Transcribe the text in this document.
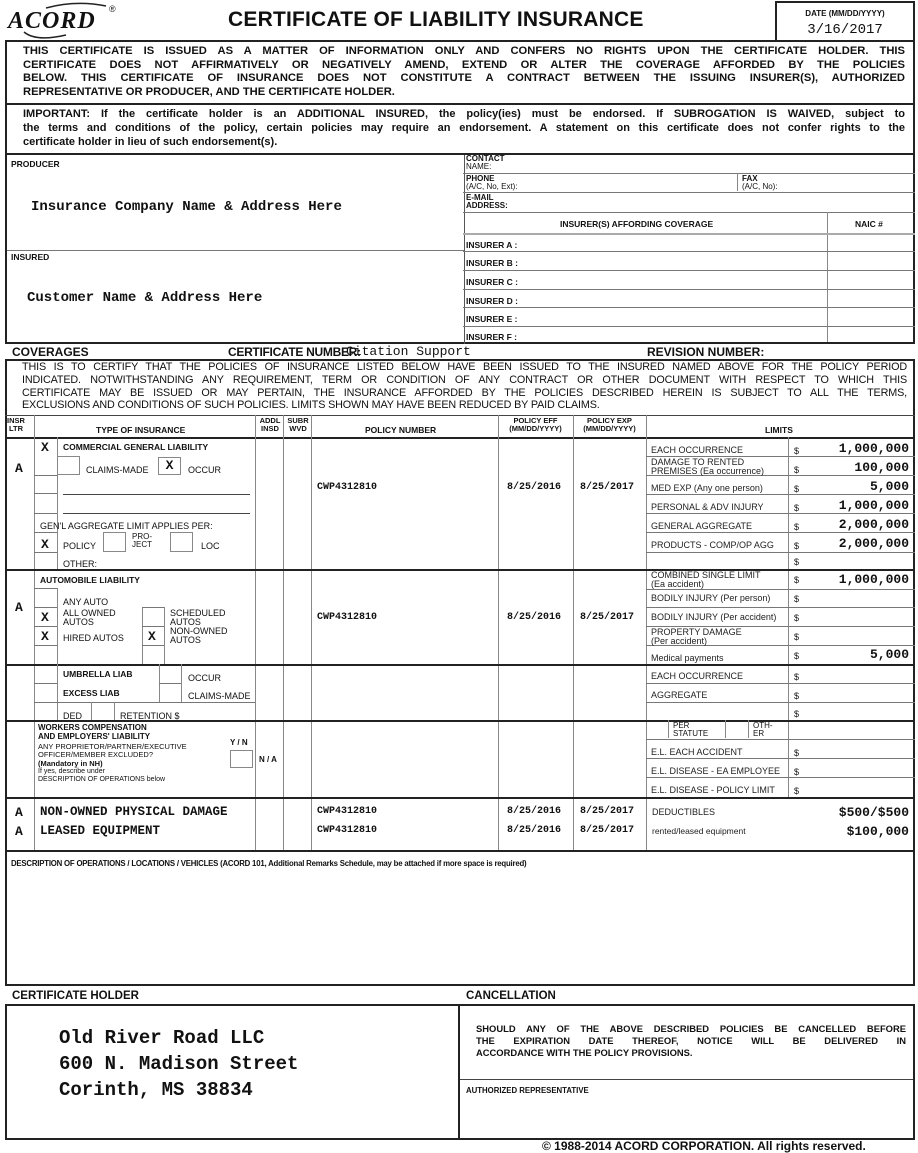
ACORD ®	CERTIFICATE OF LIABILITY INSURANCE	DATE (MM/DD/YYYY)
3/16/2017
THIS CERTIFICATE IS ISSUED AS A MATTER OF INFORMATION ONLY AND CONFERS NO RIGHTS UPON THE CERTIFICATE HOLDER. THIS
CERTIFICATE DOES NOT AFFIRMATIVELY OR NEGATIVELY AMEND, EXTEND OR ALTER THE COVERAGE AFFORDED BY THE POLICIES
BELOW. THIS CERTIFICATE OF INSURANCE DOES NOT CONSTITUTE A CONTRACT BETWEEN THE ISSUING INSURER(S), AUTHORIZED
REPRESENTATIVE OR PRODUCER, AND THE CERTIFICATE HOLDER.
IMPORTANT: If the certificate holder is an ADDITIONAL INSURED, the policy(ies) must be endorsed. If SUBROGATION IS WAIVED, subject to
the terms and conditions of the policy, certain policies may require an endorsement. A statement on this certificate does not confer rights to the
certificate holder in lieu of such endorsement(s).
PRODUCER
Insurance Company Name & Address Here
INSURED
Customer Name & Address Here
CONTACT
NAME:
PHONE
(A/C, No, Ext):
FAX
(A/C, No):
E-MAIL
ADDRESS:
INSURER(S) AFFORDING COVERAGE	NAIC #
INSURER A :
INSURER B :
INSURER C :
INSURER D :
INSURER E :
INSURER F :
COVERAGES	CERTIFICATE NUMBER:
Citation Support	REVISION NUMBER:
THIS IS TO CERTIFY THAT THE POLICIES OF INSURANCE LISTED BELOW HAVE BEEN ISSUED TO THE INSURED NAMED ABOVE FOR THE POLICY PERIOD
INDICATED. NOTWITHSTANDING ANY REQUIREMENT, TERM OR CONDITION OF ANY CONTRACT OR OTHER DOCUMENT WITH RESPECT TO WHICH THIS
CERTIFICATE MAY BE ISSUED OR MAY PERTAIN, THE INSURANCE AFFORDED BY THE POLICIES DESCRIBED HEREIN IS SUBJECT TO ALL THE TERMS,
EXCLUSIONS AND CONDITIONS OF SUCH POLICIES. LIMITS SHOWN MAY HAVE BEEN REDUCED BY PAID CLAIMS.
INSR
LTR	TYPE OF INSURANCE
ADDL
INSD
SUBR
WVD	POLICY NUMBER
POLICY EFF
(MM/DD/YYYY)
POLICY EXP
(MM/DD/YYYY)	LIMITS
A
X COMMERCIAL GENERAL LIABILITY
CLAIMS-MADE	X	OCCUR
GEN'L AGGREGATE LIMIT APPLIES PER:
X POLICY
PRO-
JECT	LOC
OTHER:
CWP4312810	8/25/2016 8/25/2017
EACH OCCURRENCE	$	1,000,000
DAMAGE TO RENTED
PREMISES (Ea occurrence)	$	100,000
MED EXP (Any one person)	$	5,000
PERSONAL & ADV INJURY	$	1,000,000
GENERAL AGGREGATE	$	2,000,000
PRODUCTS - COMP/OP AGG $	2,000,000
$
A
AUTOMOBILE LIABILITY
ANY AUTO
X ALL OWNED
AUTOS
X HIRED AUTOS
SCHEDULED
AUTOS
X NON-OWNED
AUTOS
CWP4312810	8/25/2016 8/25/2017
COMBINED SINGLE LIMIT
(Ea accident)	$	1,000,000
BODILY INJURY (Per person)	$
BODILY INJURY (Per accident) $
PROPERTY DAMAGE
(Per accident)	$
Medical payments	$	5,000
UMBRELLA LIAB
EXCESS LIAB
OCCUR
CLAIMS-MADE
DED	RETENTION $
EACH OCCURRENCE	$
AGGREGATE	$
$
WORKERS COMPENSATION
AND EMPLOYERS' LIABILITY
Y / N
ANY PROPRIETOR/PARTNER/EXECUTIVE
OFFICER/MEMBER EXCLUDED?
(Mandatory in NH)
If yes, describe under
DESCRIPTION OF OPERATIONS below
N / A
PER
STATUTE
OTH-
ER
E.L. EACH ACCIDENT	$
E.L. DISEASE - EA EMPLOYEE $
E.L. DISEASE - POLICY LIMIT $
A NON-OWNED PHYSICAL DAMAGE	CWP4312810	8/25/2016 8/25/2017 DEDUCTIBLES	$500/$500
A LEASED EQUIPMENT	CWP4312810	8/25/2016 8/25/2017 rented/leased equipment	$100,000
DESCRIPTION OF OPERATIONS / LOCATIONS / VEHICLES (ACORD 101, Additional Remarks Schedule, may be attached if more space is required)
CERTIFICATE HOLDER
Old River Road LLC
600 N. Madison Street
Corinth, MS 38834
CANCELLATION
SHOULD ANY OF THE ABOVE DESCRIBED POLICIES BE CANCELLED BEFORE
THE EXPIRATION DATE THEREOF, NOTICE WILL BE DELIVERED IN
ACCORDANCE WITH THE POLICY PROVISIONS.
AUTHORIZED REPRESENTATIVE
© 1988-2014 ACORD CORPORATION. All rights reserved.
